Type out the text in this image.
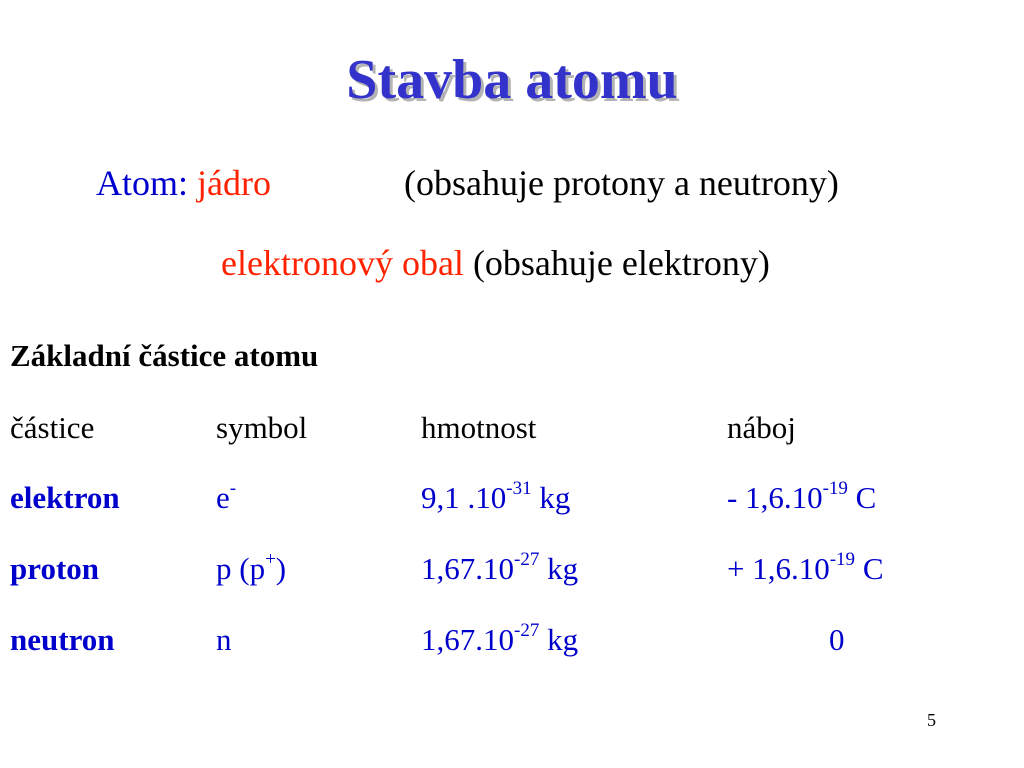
Stavba atomu
Atom: jádro	(obsahuje protony a neutrony)
elektronový obal (obsahuje elektrony)
Základní částice atomu
částice	symbol	hmotnost	náboj
elektron	e-	9,1 $.10^{-31}$ kg	- $1,6.10^{-19}$ C
proton	p (p+)	$1,67.10^{-27}$ kg	+ $1,6.10^{-19}$ C
neutron	n	$1,67.10^{-27}$ kg	0
5
